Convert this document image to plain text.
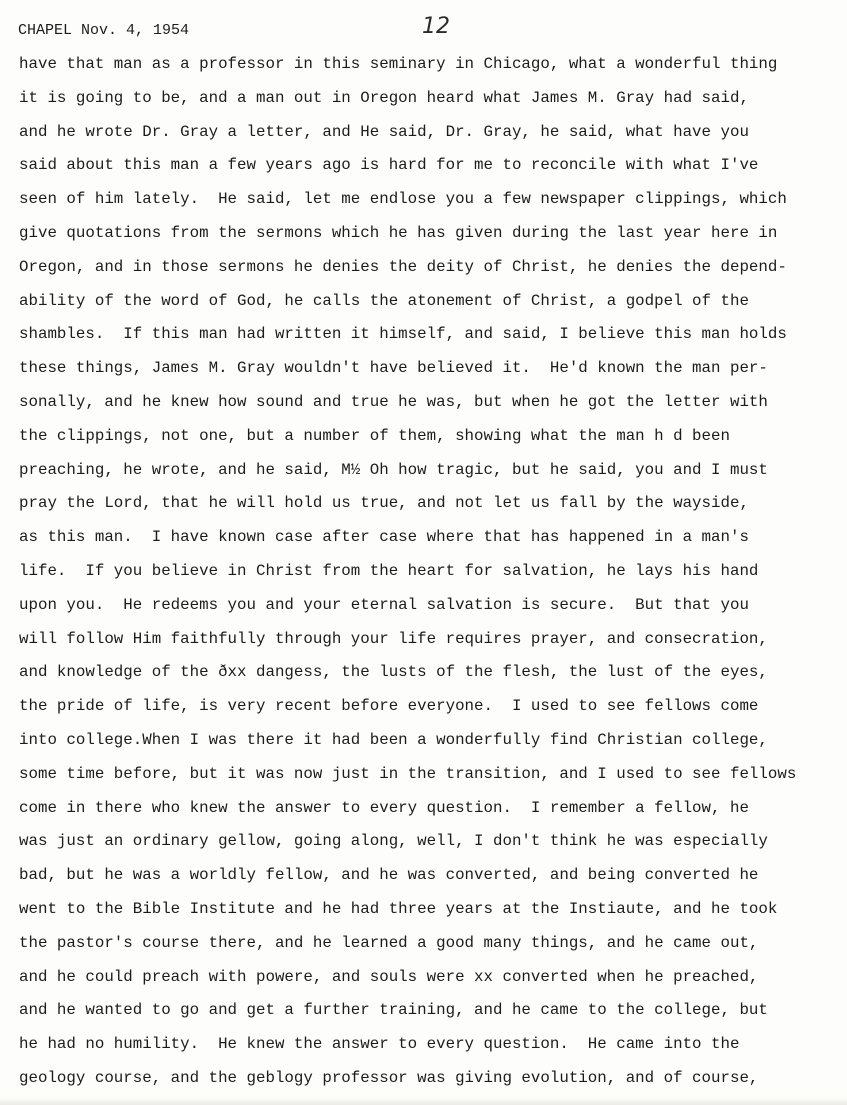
CHAPEL Nov. 4, 1954	12
have that man as a professor in this seminary in Chicago, what a wonderful thing
it is going to be, and a man out in Oregon heard what James M. Gray had said,
and he wrote Dr. Gray a letter, and He said, Dr. Gray, he said, what have you
said about this man a few years ago is hard for me to reconcile with what I've
seen of him lately.  He said, let me endlose you a few newspaper clippings, which
give quotations from the sermons which he has given during the last year here in
Oregon, and in those sermons he denies the deity of Christ, he denies the depend-
ability of the word of God, he calls the atonement of Christ, a godpel of the
shambles.  If this man had written it himself, and said, I believe this man holds
these things, James M. Gray wouldn't have believed it.  He'd known the man per-
sonally, and he knew how sound and true he was, but when he got the letter with
the clippings, not one, but a number of them, showing what the man h d been
preaching, he wrote, and he said, M½ Oh how tragic, but he said, you and I must
pray the Lord, that he will hold us true, and not let us fall by the wayside,
as this man.  I have known case after case where that has happened in a man's
life.  If you believe in Christ from the heart for salvation, he lays his hand
upon you.  He redeems you and your eternal salvation is secure.  But that you
will follow Him faithfully through your life requires prayer, and consecration,
and knowledge of the ðxx dangess, the lusts of the flesh, the lust of the eyes,
the pride of life, is very recent before everyone.  I used to see fellows come
into college.When I was there it had been a wonderfully find Christian college,
some time before, but it was now just in the transition, and I used to see fellows
come in there who knew the answer to every question.  I remember a fellow, he
was just an ordinary gellow, going along, well, I don't think he was especially
bad, but he was a worldly fellow, and he was converted, and being converted he
went to the Bible Institute and he had three years at the Instiaute, and he took
the pastor's course there, and he learned a good many things, and he came out,
and he could preach with powere, and souls were xx converted when he preached,
and he wanted to go and get a further training, and he came to the college, but
he had no humility.  He knew the answer to every question.  He came into the
geology course, and the geblogy professor was giving evolution, and of course,
